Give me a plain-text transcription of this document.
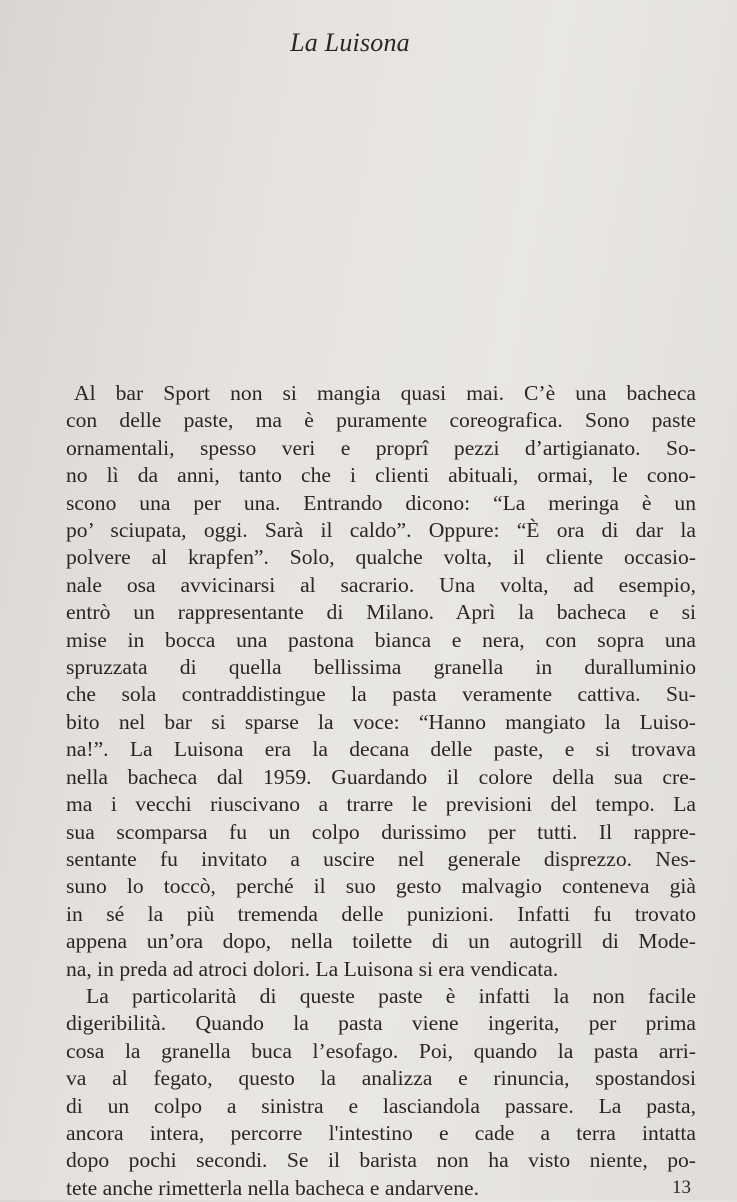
La Luisona
Al bar Sport non si mangia quasi mai. C’è una bacheca
con delle paste, ma è puramente coreografica. Sono paste
ornamentali, spesso veri e proprî pezzi d’artigianato. So-
no lì da anni, tanto che i clienti abituali, ormai, le cono-
scono una per una. Entrando dicono: “La meringa è un
po’ sciupata, oggi. Sarà il caldo”. Oppure: “È ora di dar la
polvere al krapfen”. Solo, qualche volta, il cliente occasio-
nale osa avvicinarsi al sacrario. Una volta, ad esempio,
entrò un rappresentante di Milano. Aprì la bacheca e si
mise in bocca una pastona bianca e nera, con sopra una
spruzzata di quella bellissima granella in duralluminio
che sola contraddistingue la pasta veramente cattiva. Su-
bito nel bar si sparse la voce: “Hanno mangiato la Luiso-
na!”. La Luisona era la decana delle paste, e si trovava
nella bacheca dal 1959. Guardando il colore della sua cre-
ma i vecchi riuscivano a trarre le previsioni del tempo. La
sua scomparsa fu un colpo durissimo per tutti. Il rappre-
sentante fu invitato a uscire nel generale disprezzo. Nes-
suno lo toccò, perché il suo gesto malvagio conteneva già
in sé la più tremenda delle punizioni. Infatti fu trovato
appena un’ora dopo, nella toilette di un autogrill di Mode-
na, in preda ad atroci dolori. La Luisona si era vendicata.
La particolarità di queste paste è infatti la non facile
digeribilità. Quando la pasta viene ingerita, per prima
cosa la granella buca l’esofago. Poi, quando la pasta arri-
va al fegato, questo la analizza e rinuncia, spostandosi
di un colpo a sinistra e lasciandola passare. La pasta,
ancora intera, percorre l'intestino e cade a terra intatta
dopo pochi secondi. Se il barista non ha visto niente, po-
tete anche rimetterla nella bacheca e andarvene.	13
